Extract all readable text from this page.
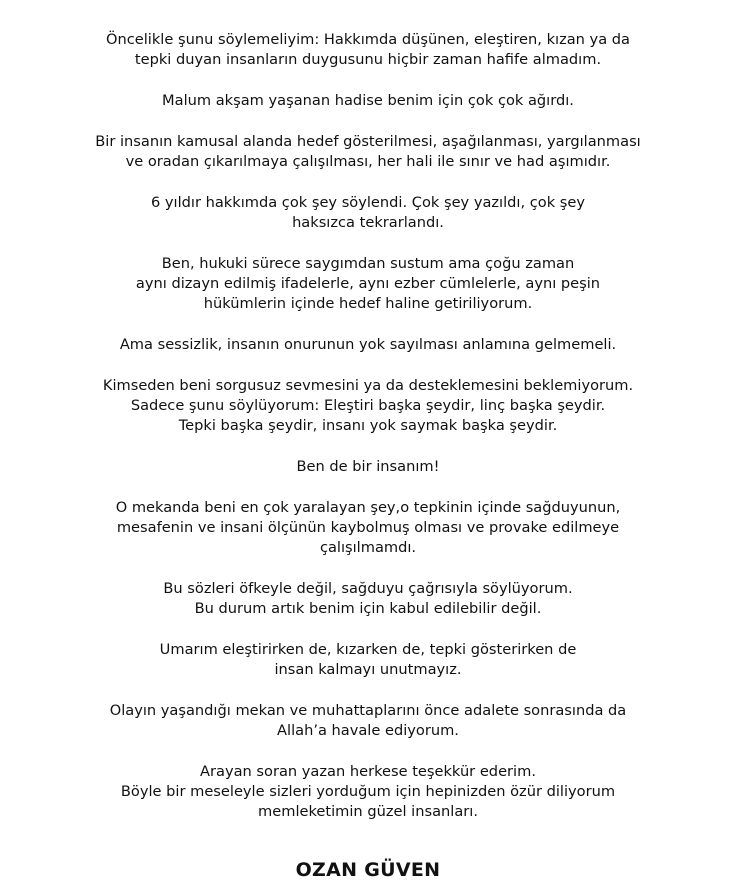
Öncelikle şunu söylemeliyim: Hakkımda düşünen, eleştiren, kızan ya da
tepki duyan insanların duygusunu hiçbir zaman hafife almadım.

Malum akşam yaşanan hadise benim için çok çok ağırdı.

Bir insanın kamusal alanda hedef gösterilmesi, aşağılanması, yargılanması
ve oradan çıkarılmaya çalışılması, her hali ile sınır ve had aşımıdır.

6 yıldır hakkımda çok şey söylendi. Çok şey yazıldı, çok şey
haksızca tekrarlandı.

Ben, hukuki sürece saygımdan sustum ama çoğu zaman
aynı dizayn edilmiş ifadelerle, aynı ezber cümlelerle, aynı peşin
hükümlerin içinde hedef haline getiriliyorum.

Ama sessizlik, insanın onurunun yok sayılması anlamına gelmemeli.

Kimseden beni sorgusuz sevmesini ya da desteklemesini beklemiyorum.
Sadece şunu söylüyorum: Eleştiri başka şeydir, linç başka şeydir.
Tepki başka şeydir, insanı yok saymak başka şeydir.

Ben de bir insanım!

O mekanda beni en çok yaralayan şey,o tepkinin içinde sağduyunun,
mesafenin ve insani ölçünün kaybolmuş olması ve provake edilmeye
çalışılmamdı.

Bu sözleri öfkeyle değil, sağduyu çağrısıyla söylüyorum.
Bu durum artık benim için kabul edilebilir değil.

Umarım eleştirirken de, kızarken de, tepki gösterirken de
insan kalmayı unutmayız.

Olayın yaşandığı mekan ve muhattaplarını önce adalete sonrasında da
Allah’a havale ediyorum.

Arayan soran yazan herkese teşekkür ederim.
Böyle bir meseleyle sizleri yorduğum için hepinizden özür diliyorum
memleketimin güzel insanları.

OZAN GÜVEN
